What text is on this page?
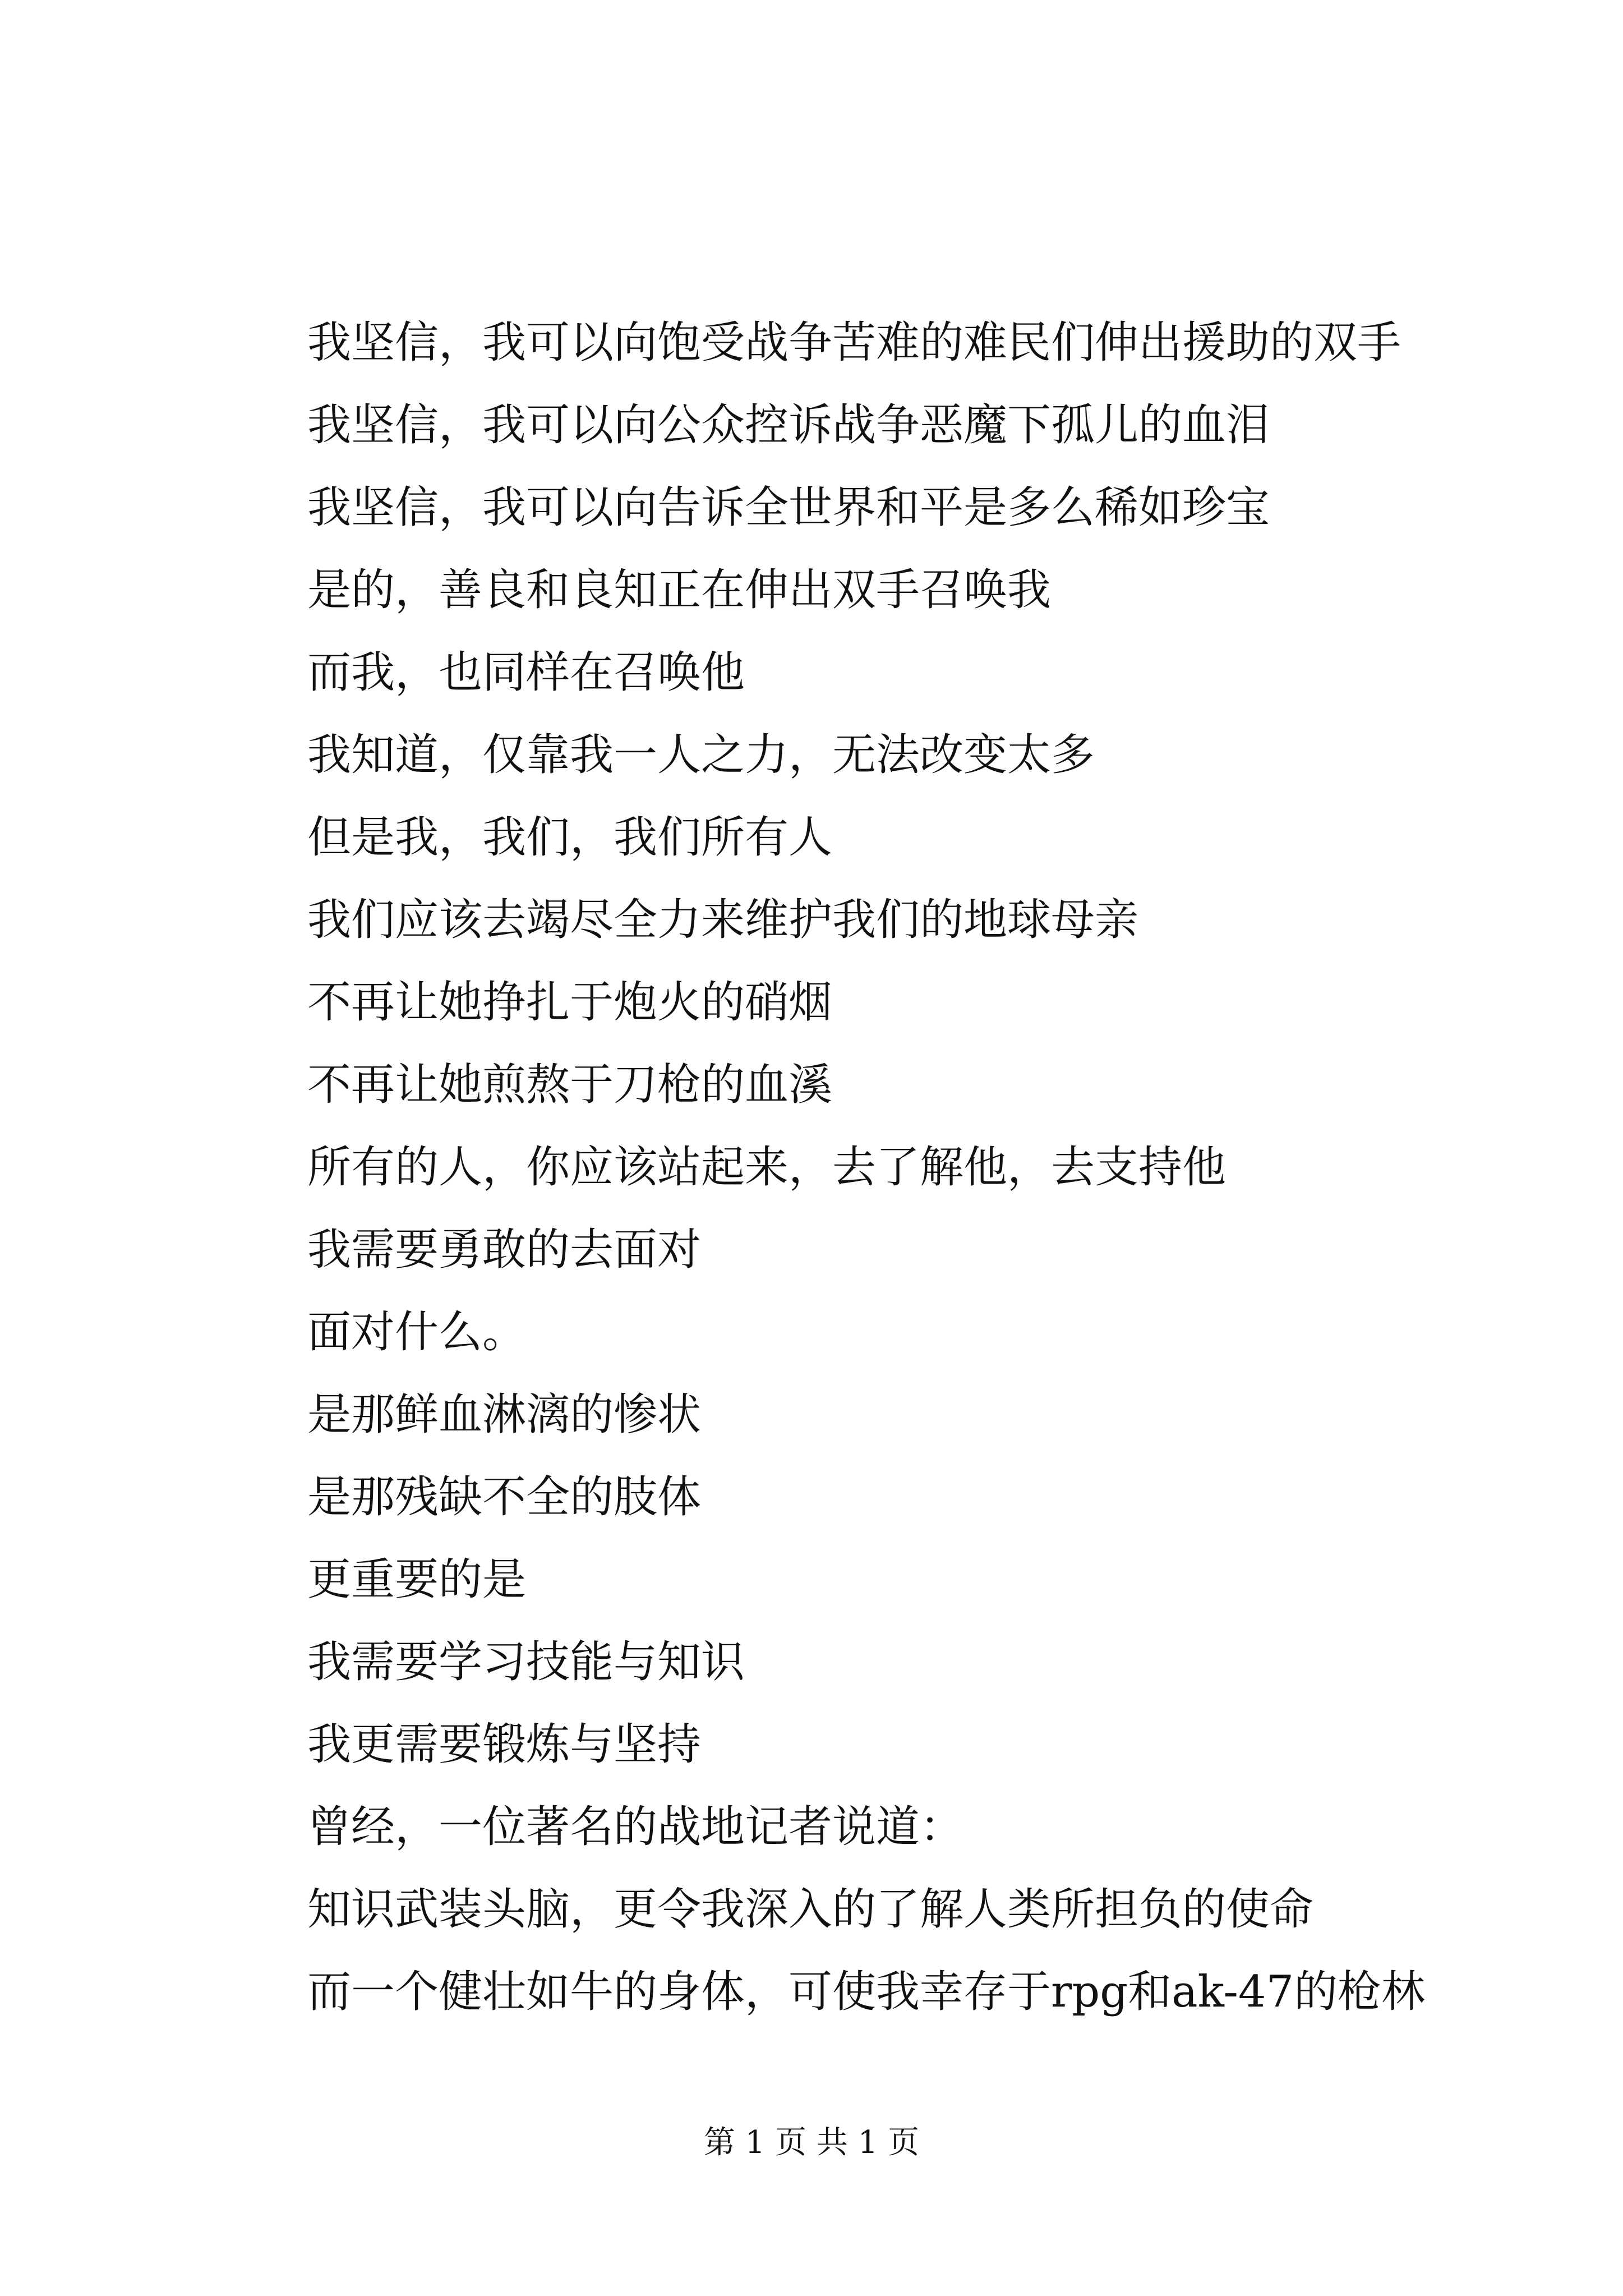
我坚信，我可以向饱受战争苦难的难民们伸出援助的双手
我坚信，我可以向公众控诉战争恶魔下孤儿的血泪
我坚信，我可以向告诉全世界和平是多么稀如珍宝
是的，善良和良知正在伸出双手召唤我
而我，也同样在召唤他
我知道，仅靠我一人之力，无法改变太多
但是我，我们，我们所有人
我们应该去竭尽全力来维护我们的地球母亲
不再让她挣扎于炮火的硝烟
不再让她煎熬于刀枪的血溪
所有的人，你应该站起来，去了解他，去支持他
我需要勇敢的去面对
面对什么。
是那鲜血淋漓的惨状
是那残缺不全的肢体
更重要的是
我需要学习技能与知识
我更需要锻炼与坚持
曾经，一位著名的战地记者说道：
知识武装头脑，更令我深入的了解人类所担负的使命
而一个健壮如牛的身体，可使我幸存于rpg和ak-47的枪林
第 1 页 共 1 页
